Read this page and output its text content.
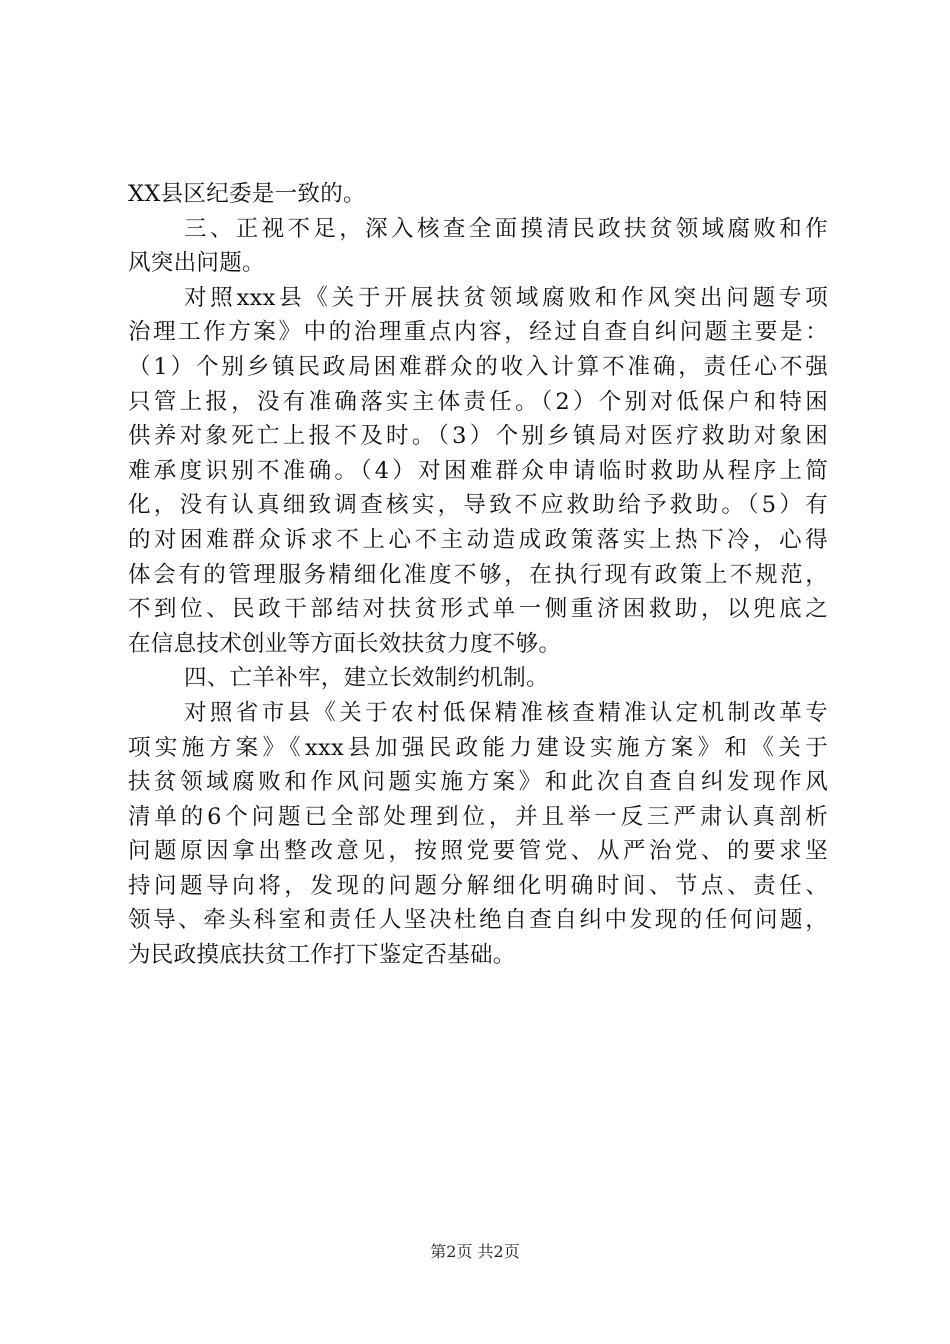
XX县区纪委是一致的。
三、正视不足，深入核查全面摸清民政扶贫领域腐败和作
风突出问题。
对照xxx县《关于开展扶贫领域腐败和作风突出问题专项
治理工作方案》中的治理重点内容，经过自查自纠问题主要是：
（1）个别乡镇民政局困难群众的收入计算不准确，责任心不强
只管上报，没有准确落实主体责任。（2）个别对低保户和特困
供养对象死亡上报不及时。（3）个别乡镇局对医疗救助对象困
难承度识别不准确。（4）对困难群众申请临时救助从程序上简
化，没有认真细致调查核实，导致不应救助给予救助。（5）有
的对困难群众诉求不上心不主动造成政策落实上热下冷，心得
体会有的管理服务精细化准度不够，在执行现有政策上不规范，
不到位、民政干部结对扶贫形式单一侧重济困救助，以兜底之
在信息技术创业等方面长效扶贫力度不够。
四、亡羊补牢，建立长效制约机制。
对照省市县《关于农村低保精准核查精准认定机制改革专
项实施方案》《xxx县加强民政能力建设实施方案》和《关于
扶贫领域腐败和作风问题实施方案》和此次自查自纠发现作风
清单的6个问题已全部处理到位，并且举一反三严肃认真剖析
问题原因拿出整改意见，按照党要管党、从严治党、的要求坚
持问题导向将，发现的问题分解细化明确时间、节点、责任、
领导、牵头科室和责任人坚决杜绝自查自纠中发现的任何问题，
为民政摸底扶贫工作打下鉴定否基础。
第2页 共2页
